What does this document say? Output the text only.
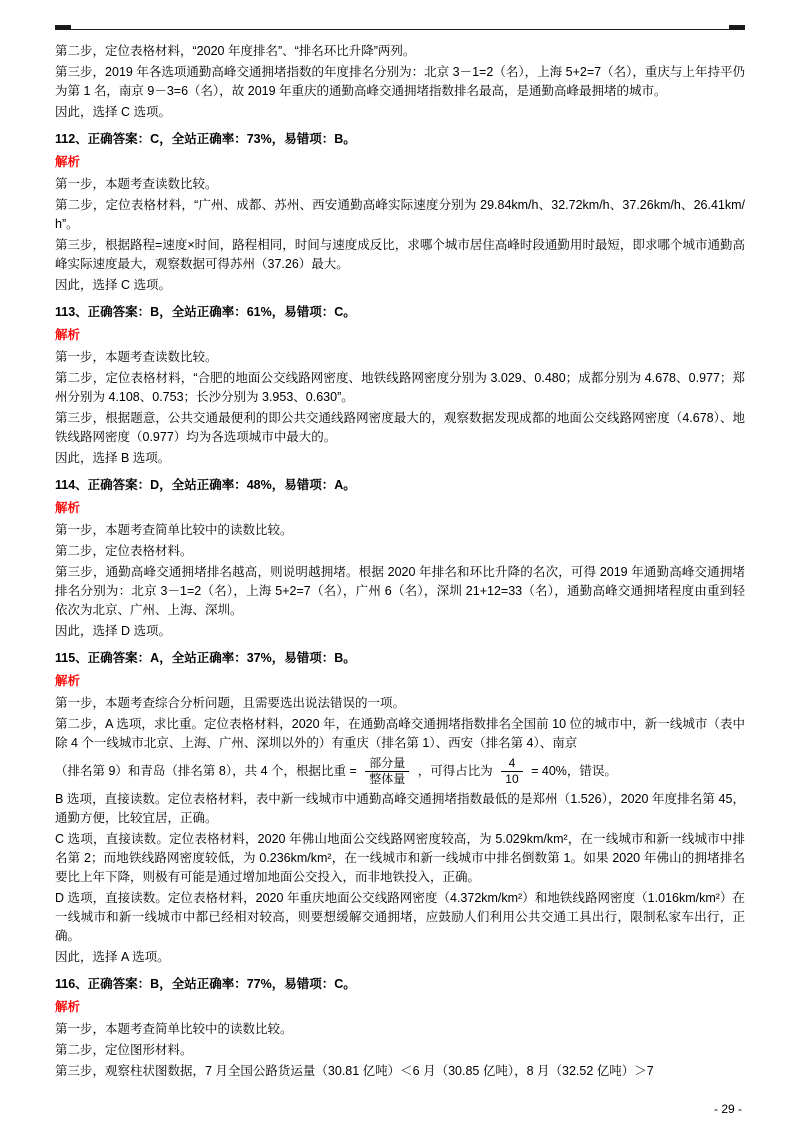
第二步，定位表格材料，“2020 年度排名”、“排名环比升降”两列。

第三步，2019 年各选项通勤高峰交通拥堵指数的年度排名分别为：北京 3－1=2（名），上海 5+2=7（名），重庆与上年持平仍为第 1 名，南京 9－3=6（名），故 2019 年重庆的通勤高峰交通拥堵指数排名最高，是通勤高峰最拥堵的城市。

因此，选择 C 选项。

112、正确答案：C，全站正确率：73%，易错项：B。

解析

第一步，本题考查读数比较。

第二步，定位表格材料，“广州、成都、苏州、西安通勤高峰实际速度分别为 29.84km/h、32.72km/h、37.26km/h、26.41km/h”。

第三步，根据路程=速度×时间，路程相同，时间与速度成反比，求哪个城市居住高峰时段通勤用时最短，即求哪个城市通勤高峰实际速度最大，观察数据可得苏州（37.26）最大。

因此，选择 C 选项。

113、正确答案：B，全站正确率：61%，易错项：C。

解析

第一步，本题考查读数比较。

第二步，定位表格材料，“合肥的地面公交线路网密度、地铁线路网密度分别为 3.029、0.480；成都分别为 4.678、0.977；郑州分别为 4.108、0.753；长沙分别为 3.953、0.630”。

第三步，根据题意，公共交通最便利的即公共交通线路网密度最大的，观察数据发现成都的地面公交线路网密度（4.678）、地铁线路网密度（0.977）均为各选项城市中最大的。

因此，选择 B 选项。

114、正确答案：D，全站正确率：48%，易错项：A。

解析

第一步，本题考查简单比较中的读数比较。

第二步，定位表格材料。

第三步，通勤高峰交通拥堵排名越高，则说明越拥堵。根据 2020 年排名和环比升降的名次，可得 2019 年通勤高峰交通拥堵排名分别为：北京 3－1=2（名），上海 5+2=7（名），广州 6（名），深圳 21+12=33（名），通勤高峰交通拥堵程度由重到轻依次为北京、广州、上海、深圳。

因此，选择 D 选项。

115、正确答案：A，全站正确率：37%，易错项：B。

解析

第一步，本题考查综合分析问题，且需要选出说法错误的一项。

第二步，A 选项，求比重。定位表格材料，2020 年，在通勤高峰交通拥堵指数排名全国前 10 位的城市中，新一线城市（表中除 4 个一线城市北京、上海、广州、深圳以外的）有重庆（排名第 1）、西安（排名第 4）、南京

（排名第 9）和青岛（排名第 8），共 4 个，根据比重 = $\frac{\text{部分量}}{\text{整体量}}$ ，可得占比为 $\frac{4}{10} = 40\%$，错误。

B 选项，直接读数。定位表格材料，表中新一线城市中通勤高峰交通拥堵指数最低的是郑州（1.526），2020 年度排名第 45，通勤方便，比较宜居，正确。

C 选项，直接读数。定位表格材料，2020 年佛山地面公交线路网密度较高，为 5.029km/km²，在一线城市和新一线城市中排名第 2；而地铁线路网密度较低，为 0.236km/km²，在一线城市和新一线城市中排名倒数第 1。如果 2020 年佛山的拥堵排名要比上年下降，则极有可能是通过增加地面公交投入，而非地铁投入，正确。

D 选项，直接读数。定位表格材料，2020 年重庆地面公交线路网密度（4.372km/km²）和地铁线路网密度（1.016km/km²）在一线城市和新一线城市中都已经相对较高，则要想缓解交通拥堵，应鼓励人们利用公共交通工具出行，限制私家车出行，正确。

因此，选择 A 选项。

116、正确答案：B，全站正确率：77%，易错项：C。

解析

第一步，本题考查简单比较中的读数比较。

第二步，定位图形材料。

第三步，观察柱状图数据，7 月全国公路货运量（30.81 亿吨）＜6 月（30.85 亿吨），8 月（32.52 亿吨）＞7

- 29 -
